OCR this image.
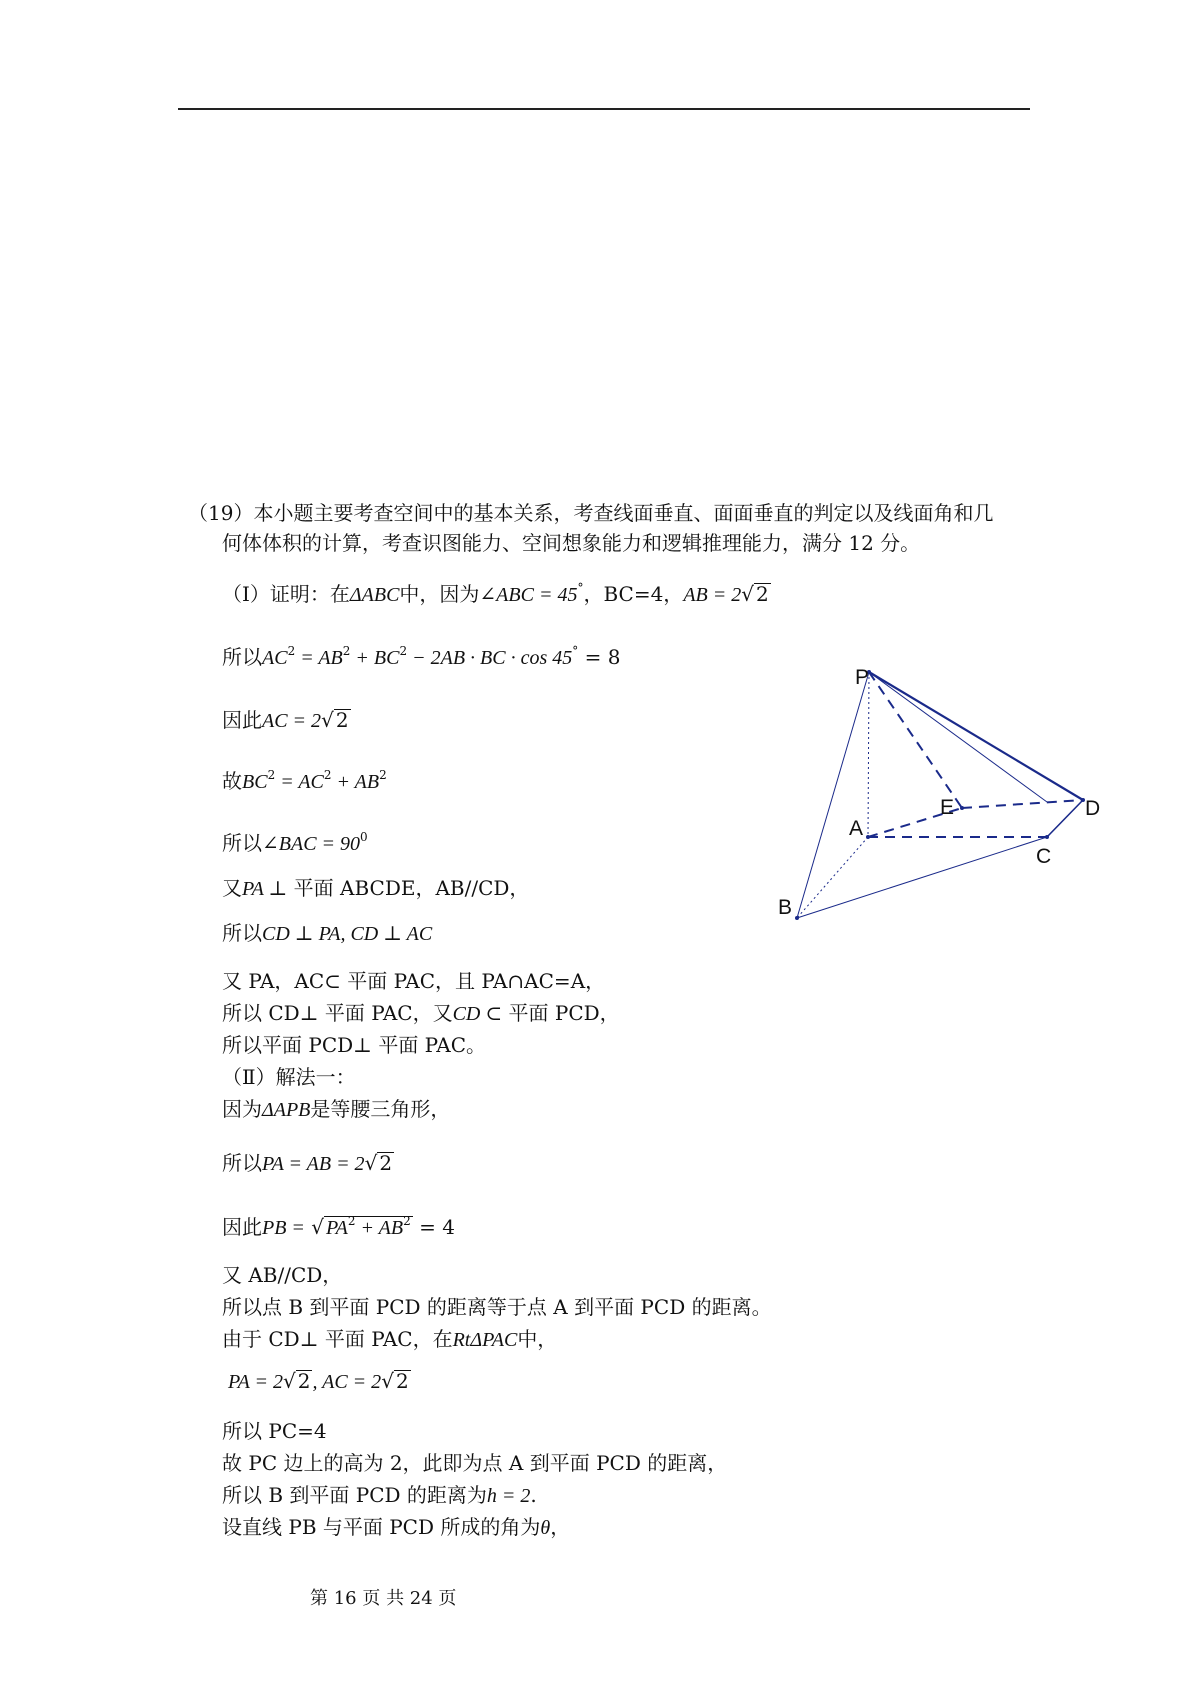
（19）本小题主要考查空间中的基本关系，考查线面垂直、面面垂直的判定以及线面角和几
何体体积的计算，考查识图能力、空间想象能力和逻辑推理能力，满分 12 分。
（Ⅰ）证明：在ΔABC中，因为∠ABC = 45°，BC=4，AB = 2√ 2
所以$AC^2 = AB^2 + BC^2 - 2AB$ · BC · cos 45° = 8
因此AC = 2√ 2
故$BC^2 = AC^2 + AB^2$
所以∠BAC = $90^0$
又PA ⊥ 平面 ABCDE，AB//CD，
所以CD ⊥ PA, CD ⊥ AC
又 PA，AC⊂ 平面 PAC，且 PA∩AC=A，
所以 CD⊥ 平面 PAC，又CD ⊂ 平面 PCD，
所以平面 PCD⊥ 平面 PAC。
（Ⅱ）解法一：
因为ΔAPB是等腰三角形，
所以PA = AB = 2√ 2
因此PB = √ $PA^2 + AB^2 = 4$
又 AB//CD，
所以点 B 到平面 PCD 的距离等于点 A 到平面 PCD 的距离。
由于 CD⊥ 平面 PAC，在RtΔPAC中，
PA = 2√ 2 , AC = 2√ 2
所以 PC=4
故 PC 边上的高为 2，此即为点 A 到平面 PCD 的距离，
所以 B 到平面 PCD 的距离为h = 2.
设直线 PB 与平面 PCD 所成的角为θ，
P
E
A
D
C
B
第 16 页 共 24 页
